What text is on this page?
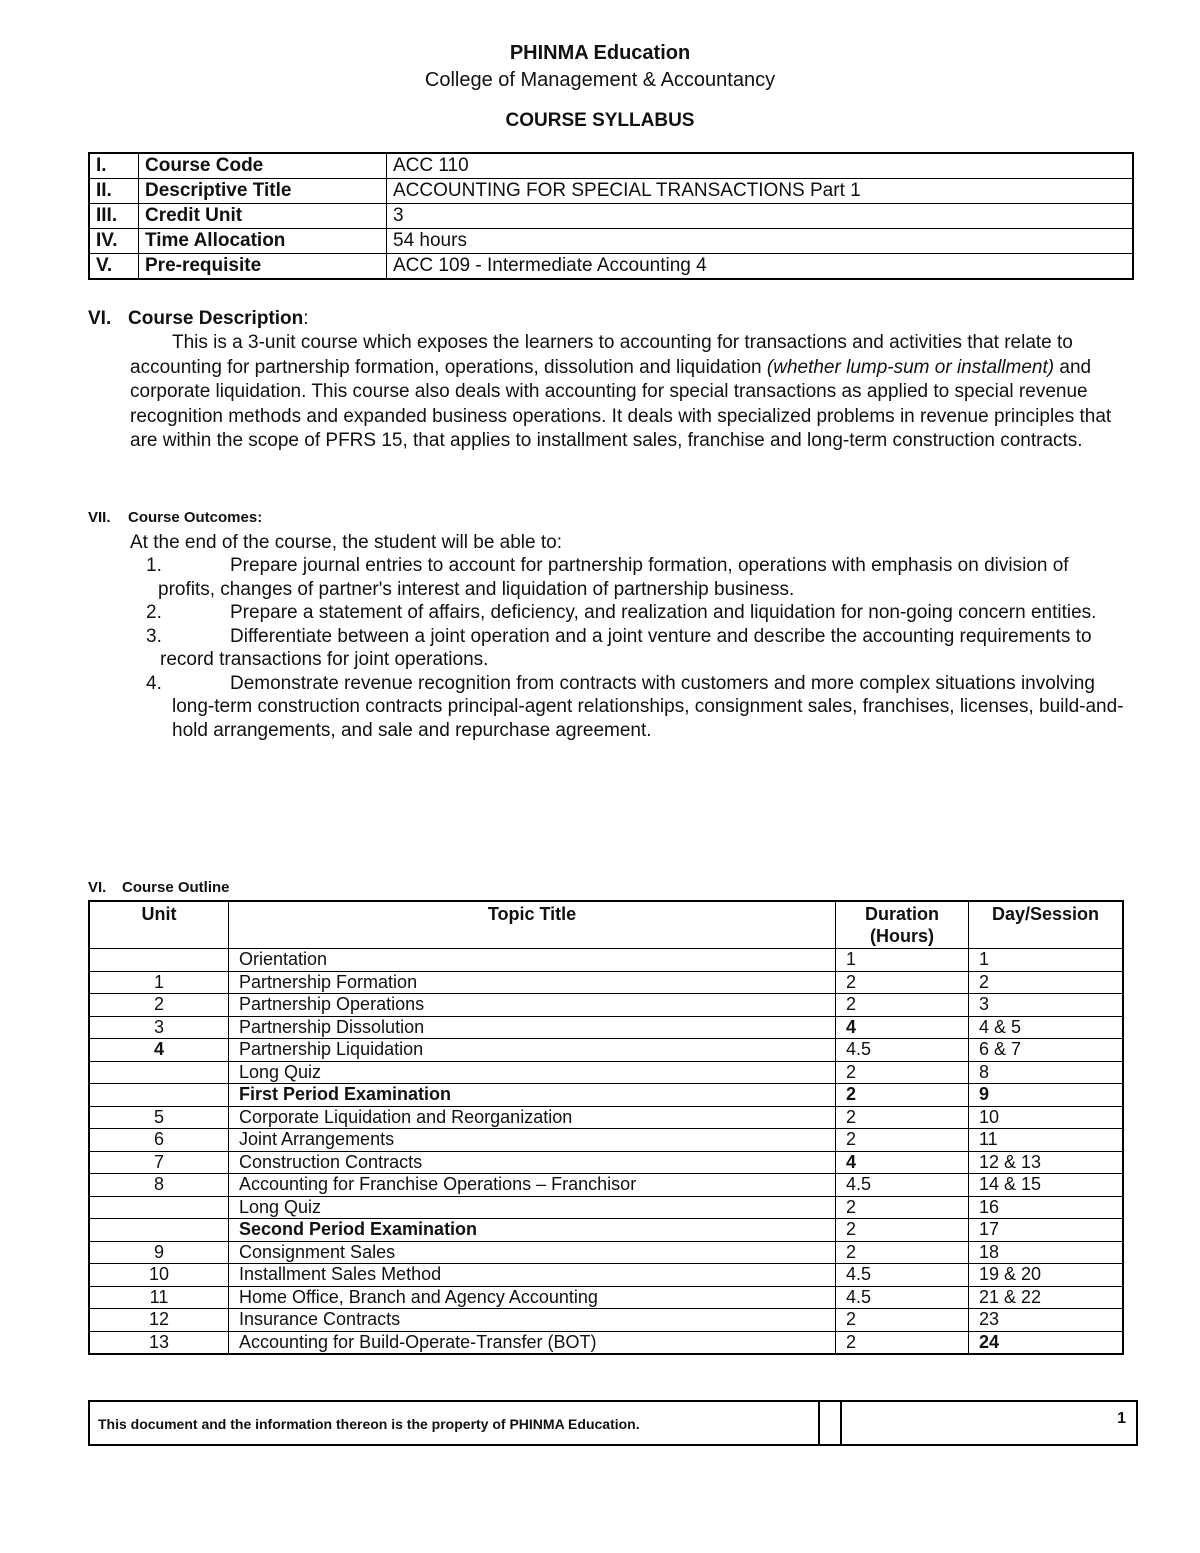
PHINMA Education
College of Management & Accountancy
COURSE SYLLABUS
I.	Course Code	ACC 110
II.	Descriptive Title	ACCOUNTING FOR SPECIAL TRANSACTIONS Part 1
III.	Credit Unit	3
IV.	Time Allocation	54 hours
V.	Pre-requisite	ACC 109 - Intermediate Accounting 4
VI. Course Description:
This is a 3-unit course which exposes the learners to accounting for transactions and activities that relate to accounting for partnership formation, operations, dissolution and liquidation (whether lump-sum or installment) and corporate liquidation. This course also deals with accounting for special transactions as applied to special revenue recognition methods and expanded business operations. It deals with specialized problems in revenue principles that are within the scope of PFRS 15, that applies to installment sales, franchise and long-term construction contracts.
VII. Course Outcomes:
At the end of the course, the student will be able to:
1.	Prepare journal entries to account for partnership formation, operations with emphasis on division of
profits, changes of partner's interest and liquidation of partnership business.
2.	Prepare a statement of affairs, deficiency, and realization and liquidation for non-going concern entities.
3.	Differentiate between a joint operation and a joint venture and describe the accounting requirements to
record transactions for joint operations.
4.	Demonstrate revenue recognition from contracts with customers and more complex situations involving
long-term construction contracts principal-agent relationships, consignment sales, franchises, licenses, build-and-hold arrangements, and sale and repurchase agreement.
VI. Course Outline
Unit	Topic Title	Duration (Hours)	Day/Session
	Orientation	1	1
1	Partnership Formation	2	2
2	Partnership Operations	2	3
3	Partnership Dissolution	4	4 & 5
4	Partnership Liquidation	4.5	6 & 7
	Long Quiz	2	8
	First Period Examination	2	9
5	Corporate Liquidation and Reorganization	2	10
6	Joint Arrangements	2	11
7	Construction Contracts	4	12 & 13
8	Accounting for Franchise Operations – Franchisor	4.5	14 & 15
	Long Quiz	2	16
	Second Period Examination	2	17
9	Consignment Sales	2	18
10	Installment Sales Method	4.5	19 & 20
11	Home Office, Branch and Agency Accounting	4.5	21 & 22
12	Insurance Contracts	2	23
13	Accounting for Build-Operate-Transfer (BOT)	2	24
This document and the information thereon is the property of PHINMA Education.	1
